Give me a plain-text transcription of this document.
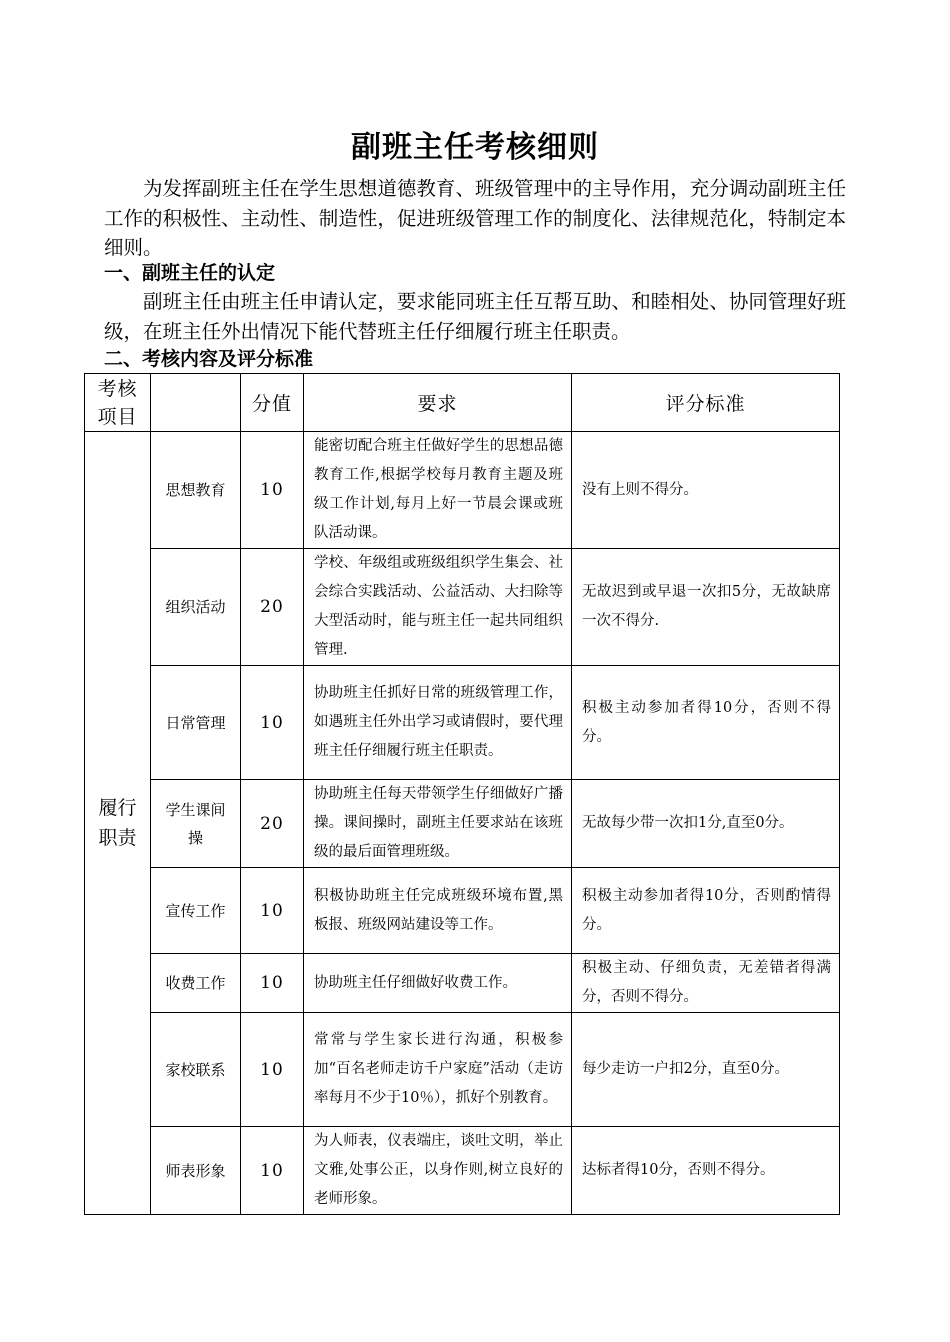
副班主任考核细则
为发挥副班主任在学生思想道德教育、班级管理中的主导作用，充分调动副班主任工作的积极性、主动性、制造性，促进班级管理工作的制度化、法律规范化，特制定本细则。
一、副班主任的认定
副班主任由班主任申请认定，要求能同班主任互帮互助、和睦相处、协同管理好班级，在班主任外出情况下能代替班主任仔细履行班主任职责。
二、考核内容及评分标准
考核项目		分值	要求	评分标准

履行职责	思想教育	10	能密切配合班主任做好学生的思想品德教育工作,根据学校每月教育主题及班级工作计划,每月上好一节晨会课或班队活动课。	没有上则不得分。
	组织活动	20	学校、年级组或班级组织学生集会、社会综合实践活动、公益活动、大扫除等大型活动时，能与班主任一起共同组织管理.	无故迟到或早退一次扣5分，无故缺席一次不得分.
	日常管理	10	协助班主任抓好日常的班级管理工作，如遇班主任外出学习或请假时，要代理班主任仔细履行班主任职责。	积极主动参加者得10分，否则不得分。

	学生课间操	20	协助班主任每天带领学生仔细做好广播操。课间操时，副班主任要求站在该班级的最后面管理班级。	无故每少带一次扣1分,直至0分。
	宣传工作	10	积极协助班主任完成班级环境布置,黑板报、班级网站建设等工作。	积极主动参加者得10分，否则酌情得分。
	收费工作	10	协助班主任仔细做好收费工作。	积极主动、仔细负责，无差错者得满分，否则不得分。
	家校联系	10	常常与学生家长进行沟通，积极参加“百名老师走访千户家庭”活动（走访率每月不少于10％），抓好个别教育。	每少走访一户扣2分，直至0分。
	师表形象	10	为人师表，仪表端庄，谈吐文明，举止文雅,处事公正，以身作则,树立良好的老师形象。	达标者得10分，否则不得分。
